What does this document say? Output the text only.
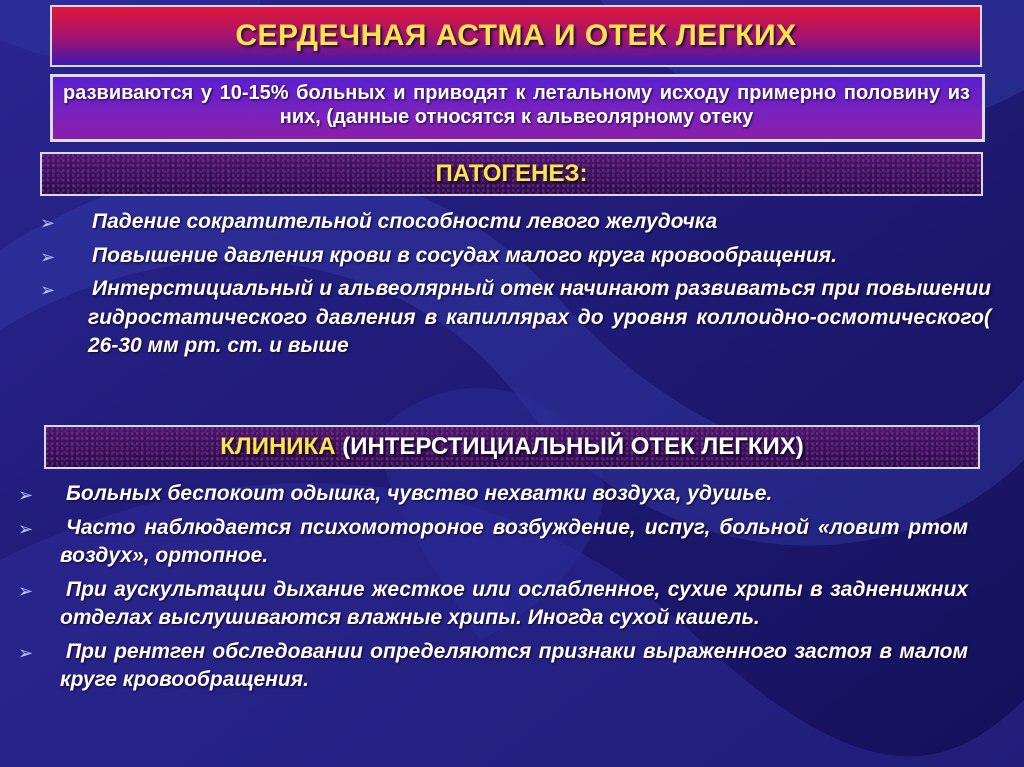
СЕРДЕЧНАЯ АСТМА И ОТЕК ЛЕГКИХ
развиваются у 10-15% больных и приводят к летальному исходу примерно половину из них, (данные относятся к альвеолярному отеку
ПАТОГЕНЕЗ:
➢ Падение сократительной способности левого желудочка
➢ Повышение давления крови в сосудах малого круга кровообращения.
➢ Интерстициальный и альвеолярный отек начинают развиваться при повышении гидростатического давления в капиллярах до уровня коллоидно-осмотического( 26-30 мм рт. ст. и выше
КЛИНИКА (ИНТЕРСТИЦИАЛЬНЫЙ ОТЕК ЛЕГКИХ)
➢ Больных беспокоит одышка, чувство нехватки воздуха, удушье.
➢ Часто наблюдается психомотороное возбуждение, испуг, больной «ловит ртом воздух», ортопное.
➢ При аускультации дыхание жесткое или ослабленное, сухие хрипы в задненижних отделах выслушиваются влажные хрипы. Иногда сухой кашель.
➢ При рентген обследовании определяются признаки выраженного застоя в малом круге кровообращения.
